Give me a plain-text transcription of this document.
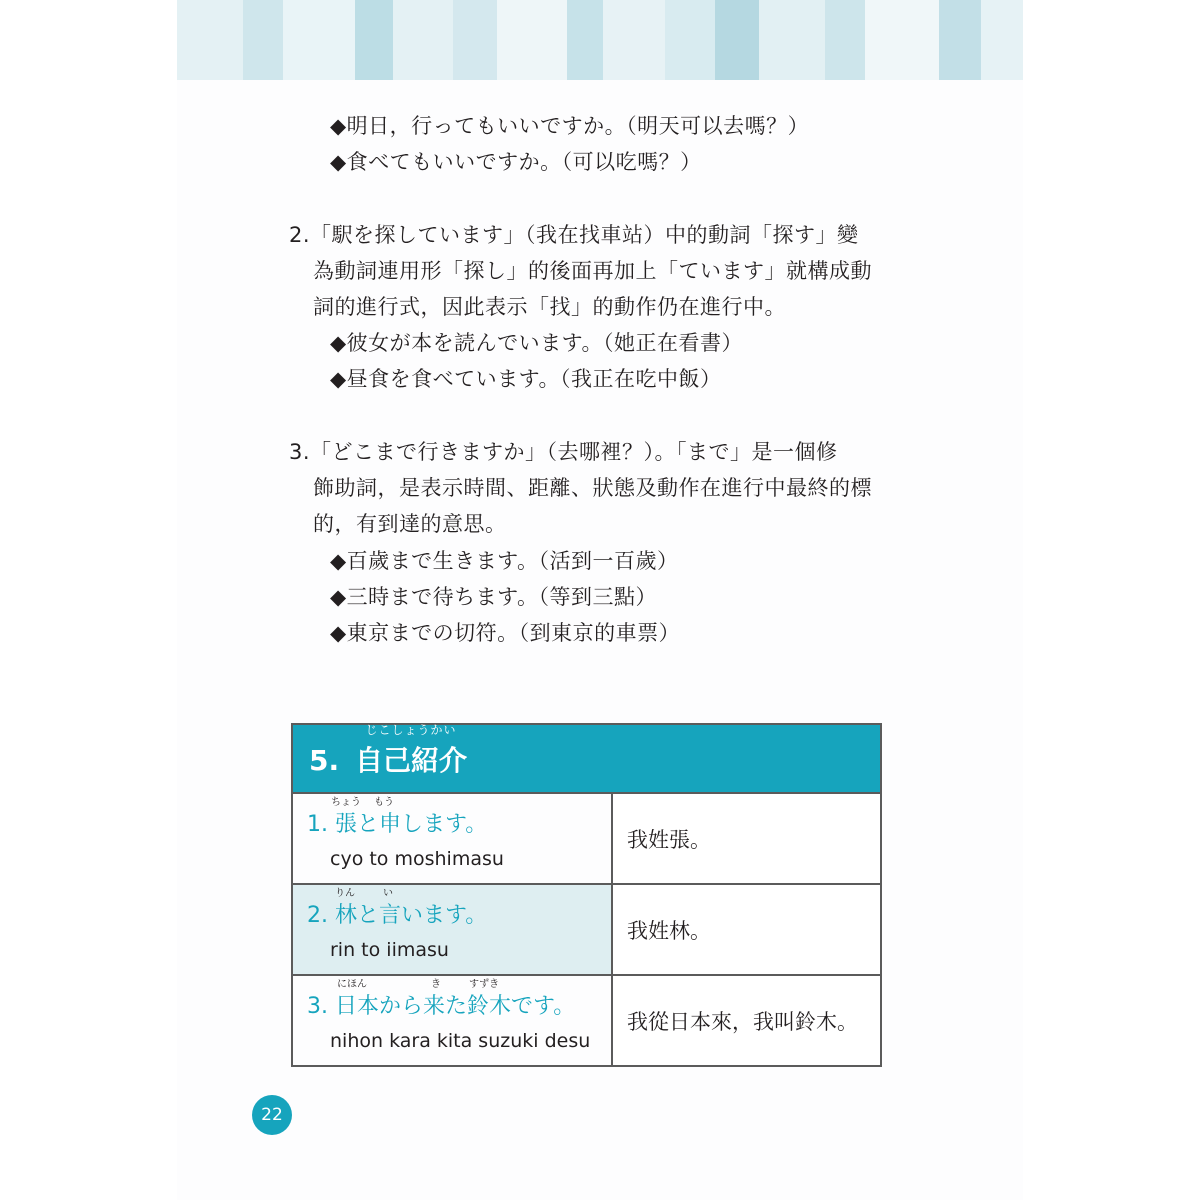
◆明日，行ってもいいですか。（明天可以去嗎？）
◆食べてもいいですか。（可以吃嗎？）
2.「駅を探しています」（我在找車站）中的動詞「探す」變
為動詞連用形「探し」的後面再加上「ています」就構成動
詞的進行式，因此表示「找」的動作仍在進行中。
◆彼女が本を読んでいます。（她正在看書）
◆昼食を食べています。（我正在吃中飯）
3.「どこまで行きますか」（去哪裡？）。「まで」是一個修
飾助詞，是表示時間、距離、狀態及動作在進行中最終的標
的，有到達的意思。
◆百歲まで生きます。（活到一百歲）
◆三時まで待ちます。（等到三點）
◆東京までの切符。（到東京的車票）
5.
じこしょうかい
自己紹介	

ちょう もう
1. 張と申します。
cyo to moshimasu	我姓張。

りん い
2. 林と言います。
rin to iimasu	我姓林。

にほん き すずき
3. 日本から来た鈴木です。
nihon kara kita suzuki desu	我從日本來，我叫鈴木。
22
